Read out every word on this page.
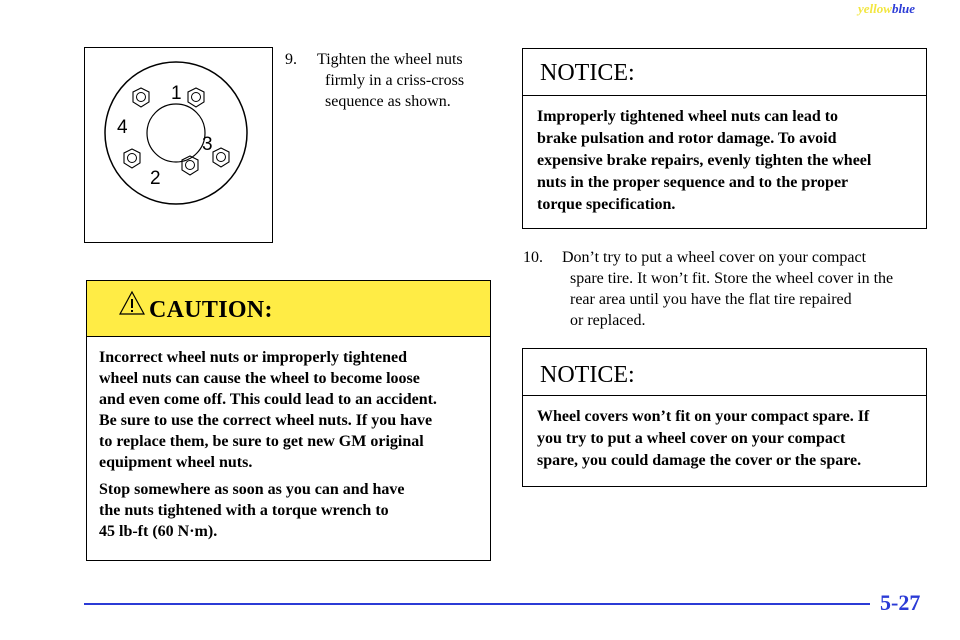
yellowblue
1
2
3
4
9. Tighten the wheel nuts
firmly in a criss-cross
sequence as shown.
CAUTION:

Incorrect wheel nuts or improperly tightened
wheel nuts can cause the wheel to become loose
and even come off. This could lead to an accident.
Be sure to use the correct wheel nuts. If you have
to replace them, be sure to get new GM original
equipment wheel nuts.

Stop somewhere as soon as you can and have
the nuts tightened with a torque wrench to
45 lb-ft (60 N·m).

NOTICE:
Improperly tightened wheel nuts can lead to
brake pulsation and rotor damage. To avoid
expensive brake repairs, evenly tighten the wheel
nuts in the proper sequence and to the proper
torque specification.
10. Don’t try to put a wheel cover on your compact
spare tire. It won’t fit. Store the wheel cover in the
rear area until you have the flat tire repaired
or replaced.
NOTICE:
Wheel covers won’t fit on your compact spare. If
you try to put a wheel cover on your compact
spare, you could damage the cover or the spare.
5-27
